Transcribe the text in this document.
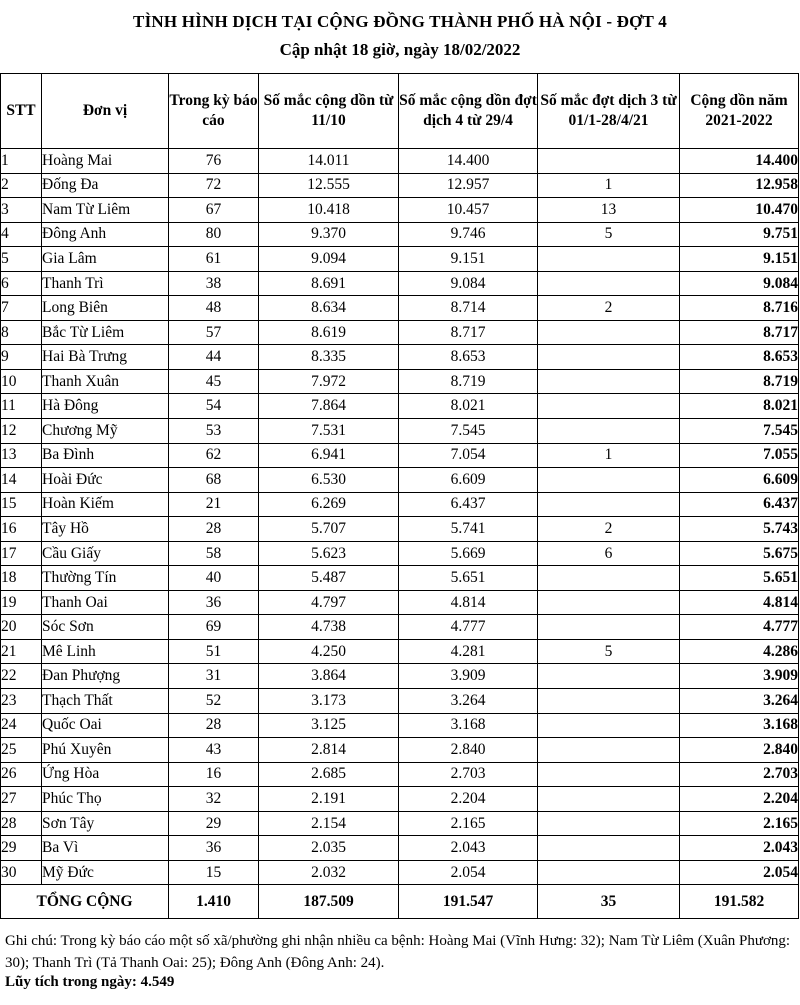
TÌNH HÌNH DỊCH TẠI CỘNG ĐỒNG THÀNH PHỐ HÀ NỘI - ĐỢT 4
Cập nhật 18 giờ, ngày 18/02/2022
STT	Đơn vị	Trong kỳ báo cáo	Số mắc cộng dồn từ 11/10	Số mắc cộng dồn đợt dịch 4 từ 29/4	Số mắc đợt dịch 3 từ 01/1-28/4/21	Cộng dồn năm 2021-2022
1	Hoàng Mai	76	14.011	14.400		14.400
2	Đống Đa	72	12.555	12.957	1	12.958
3	Nam Từ Liêm	67	10.418	10.457	13	10.470
4	Đông Anh	80	9.370	9.746	5	9.751
5	Gia Lâm	61	9.094	9.151		9.151
6	Thanh Trì	38	8.691	9.084		9.084
7	Long Biên	48	8.634	8.714	2	8.716
8	Bắc Từ Liêm	57	8.619	8.717		8.717
9	Hai Bà Trưng	44	8.335	8.653		8.653
10	Thanh Xuân	45	7.972	8.719		8.719
11	Hà Đông	54	7.864	8.021		8.021
12	Chương Mỹ	53	7.531	7.545		7.545
13	Ba Đình	62	6.941	7.054	1	7.055
14	Hoài Đức	68	6.530	6.609		6.609
15	Hoàn Kiếm	21	6.269	6.437		6.437
16	Tây Hồ	28	5.707	5.741	2	5.743
17	Cầu Giấy	58	5.623	5.669	6	5.675
18	Thường Tín	40	5.487	5.651		5.651
19	Thanh Oai	36	4.797	4.814		4.814
20	Sóc Sơn	69	4.738	4.777		4.777
21	Mê Linh	51	4.250	4.281	5	4.286
22	Đan Phượng	31	3.864	3.909		3.909
23	Thạch Thất	52	3.173	3.264		3.264
24	Quốc Oai	28	3.125	3.168		3.168
25	Phú Xuyên	43	2.814	2.840		2.840
26	Ứng Hòa	16	2.685	2.703		2.703
27	Phúc Thọ	32	2.191	2.204		2.204
28	Sơn Tây	29	2.154	2.165		2.165
29	Ba Vì	36	2.035	2.043		2.043
30	Mỹ Đức	15	2.032	2.054		2.054
TỔNG CỘNG		1.410	187.509	191.547	35	191.582
Ghi chú: Trong kỳ báo cáo một số xã/phường ghi nhận nhiều ca bệnh: Hoàng Mai (Vĩnh Hưng: 32); Nam Từ Liêm (Xuân Phương: 30); Thanh Trì (Tả Thanh Oai: 25); Đông Anh (Đông Anh: 24).
Lũy tích trong ngày: 4.549
